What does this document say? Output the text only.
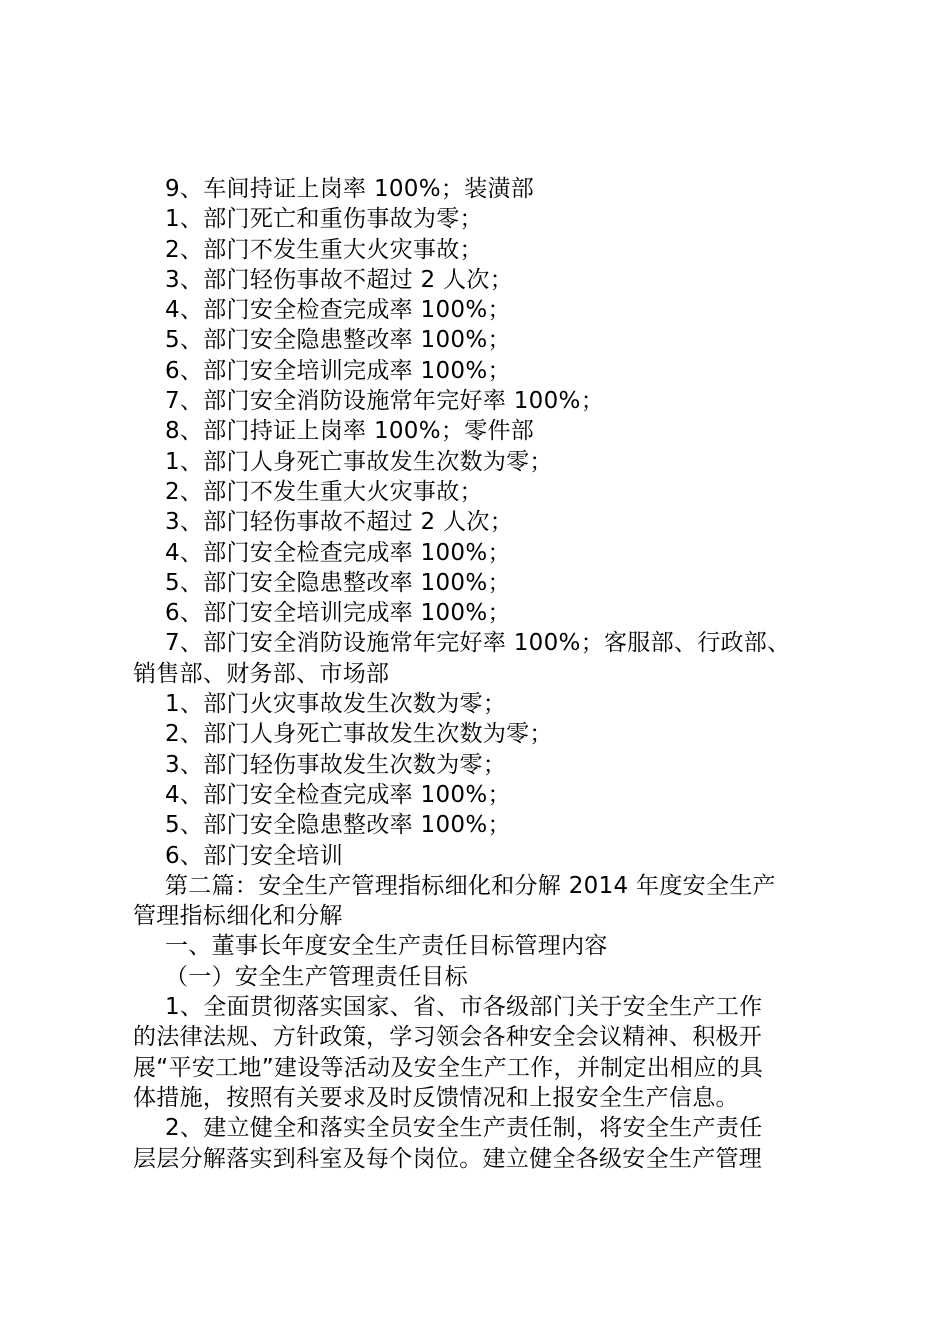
9、车间持证上岗率 100%；装潢部
1、部门死亡和重伤事故为零；
2、部门不发生重大火灾事故；
3、部门轻伤事故不超过 2 人次；
4、部门安全检查完成率 100%；
5、部门安全隐患整改率 100%；
6、部门安全培训完成率 100%；
7、部门安全消防设施常年完好率 100%；
8、部门持证上岗率 100%；零件部
1、部门人身死亡事故发生次数为零；
2、部门不发生重大火灾事故；
3、部门轻伤事故不超过 2 人次；
4、部门安全检查完成率 100%；
5、部门安全隐患整改率 100%；
6、部门安全培训完成率 100%；
7、部门安全消防设施常年完好率 100%；客服部、行政部、
销售部、财务部、市场部
1、部门火灾事故发生次数为零；
2、部门人身死亡事故发生次数为零；
3、部门轻伤事故发生次数为零；
4、部门安全检查完成率 100%；
5、部门安全隐患整改率 100%；
6、部门安全培训
第二篇：安全生产管理指标细化和分解 2014 年度安全生产
管理指标细化和分解
一、董事长年度安全生产责任目标管理内容
（一）安全生产管理责任目标
1、全面贯彻落实国家、省、市各级部门关于安全生产工作
的法律法规、方针政策，学习领会各种安全会议精神、积极开
展“平安工地”建设等活动及安全生产工作，并制定出相应的具
体措施，按照有关要求及时反馈情况和上报安全生产信息。
2、建立健全和落实全员安全生产责任制，将安全生产责任
层层分解落实到科室及每个岗位。建立健全各级安全生产管理
